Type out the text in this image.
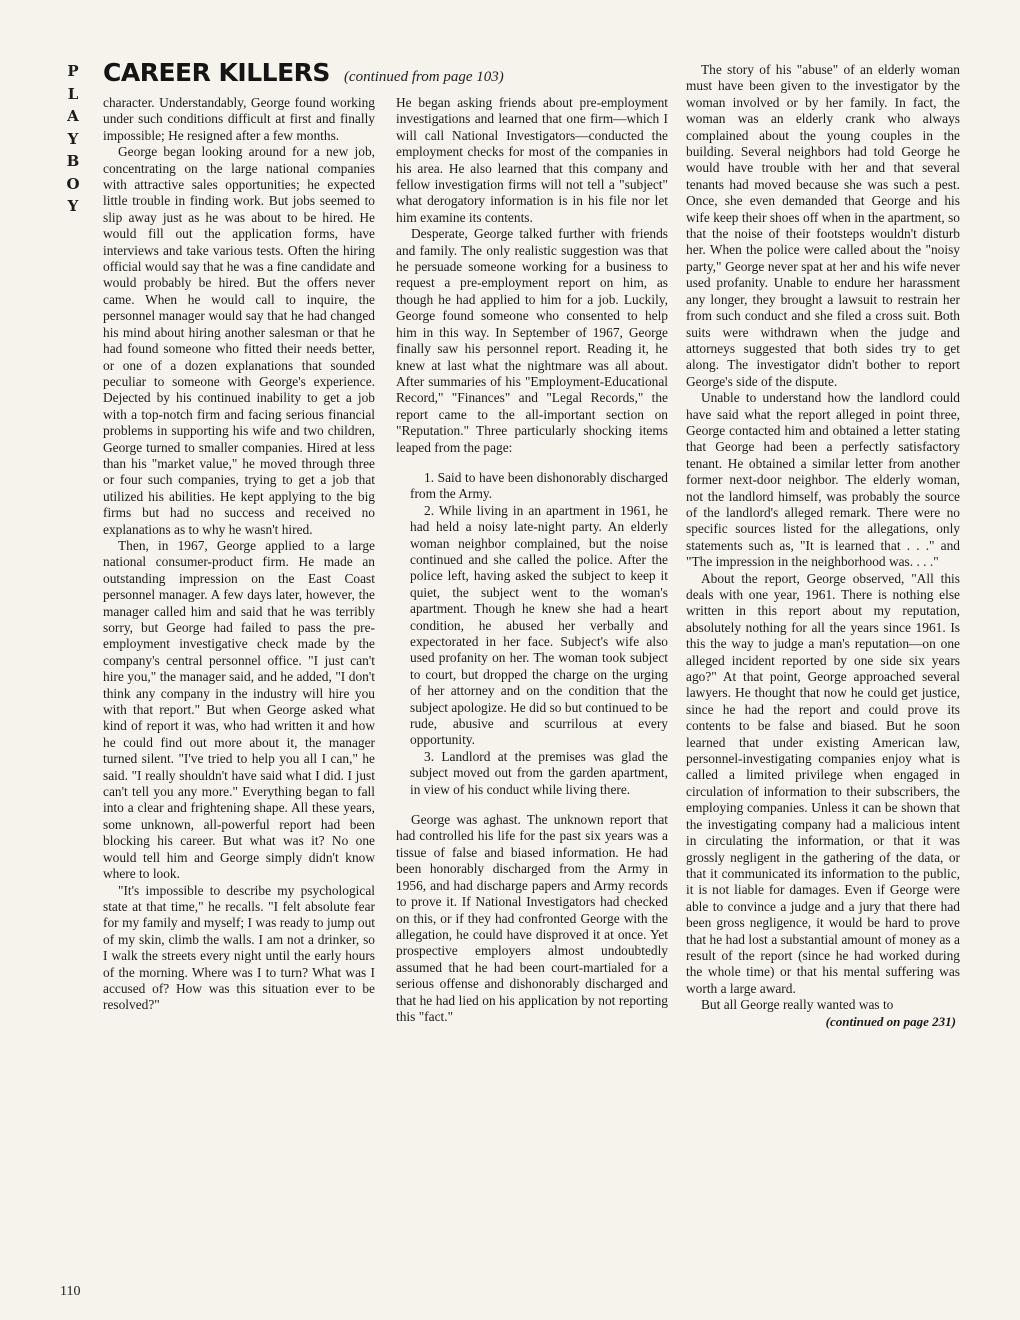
P
L
A
Y
B
O
Y
CAREER KILLERS (continued from page 103)

character. Understandably, George found working under such conditions difficult at first and finally impossible; He resigned after a few months.

George began looking around for a new job, concentrating on the large national companies with attractive sales opportunities; he expected little trouble in finding work. But jobs seemed to slip away just as he was about to be hired. He would fill out the application forms, have interviews and take various tests. Often the hiring official would say that he was a fine candidate and would probably be hired. But the offers never came. When he would call to inquire, the personnel manager would say that he had changed his mind about hiring another salesman or that he had found someone who fitted their needs better, or one of a dozen explanations that sounded peculiar to someone with George's experience. Dejected by his continued inability to get a job with a top-notch firm and facing serious financial problems in supporting his wife and two children, George turned to smaller companies. Hired at less than his "market value," he moved through three or four such companies, trying to get a job that utilized his abilities. He kept applying to the big firms but had no success and received no explanations as to why he wasn't hired.

Then, in 1967, George applied to a large national consumer-product firm. He made an outstanding impression on the East Coast personnel manager. A few days later, however, the manager called him and said that he was terribly sorry, but George had failed to pass the pre-employment investigative check made by the company's central personnel office. "I just can't hire you," the manager said, and he added, "I don't think any company in the industry will hire you with that report." But when George asked what kind of report it was, who had written it and how he could find out more about it, the manager turned silent. "I've tried to help you all I can," he said. "I really shouldn't have said what I did. I just can't tell you any more." Everything began to fall into a clear and frightening shape. All these years, some unknown, all-powerful report had been blocking his career. But what was it? No one would tell him and George simply didn't know where to look.

"It's impossible to describe my psychological state at that time," he recalls. "I felt absolute fear for my family and myself; I was ready to jump out of my skin, climb the walls. I am not a drinker, so I walk the streets every night until the early hours of the morning. Where was I to turn? What was I accused of? How was this situation ever to be resolved?"

He began asking friends about pre-employment investigations and learned that one firm—which I will call National Investigators—conducted the employment checks for most of the companies in his area. He also learned that this company and fellow investigation firms will not tell a "subject" what derogatory information is in his file nor let him examine its contents.

Desperate, George talked further with friends and family. The only realistic suggestion was that he persuade someone working for a business to request a pre-employment report on him, as though he had applied to him for a job. Luckily, George found someone who consented to help him in this way. In September of 1967, George finally saw his personnel report. Reading it, he knew at last what the nightmare was all about. After summaries of his "Employment-Educational Record," "Finances" and "Legal Records," the report came to the all-important section on "Reputation." Three particularly shocking items leaped from the page:

1. Said to have been dishonorably discharged from the Army.

2. While living in an apartment in 1961, he had held a noisy late-night party. An elderly woman neighbor complained, but the noise continued and she called the police. After the police left, having asked the subject to keep it quiet, the subject went to the woman's apartment. Though he knew she had a heart condition, he abused her verbally and expectorated in her face. Subject's wife also used profanity on her. The woman took subject to court, but dropped the charge on the urging of her attorney and on the condition that the subject apologize. He did so but continued to be rude, abusive and scurrilous at every opportunity.

3. Landlord at the premises was glad the subject moved out from the garden apartment, in view of his conduct while living there.

George was aghast. The unknown report that had controlled his life for the past six years was a tissue of false and biased information. He had been honorably discharged from the Army in 1956, and had discharge papers and Army records to prove it. If National Investigators had checked on this, or if they had confronted George with the allegation, he could have disproved it at once. Yet prospective employers almost undoubtedly assumed that he had been court-martialed for a serious offense and dishonorably discharged and that he had lied on his application by not reporting this "fact."

The story of his "abuse" of an elderly woman must have been given to the investigator by the woman involved or by her family. In fact, the woman was an elderly crank who always complained about the young couples in the building. Several neighbors had told George he would have trouble with her and that several tenants had moved because she was such a pest. Once, she even demanded that George and his wife keep their shoes off when in the apartment, so that the noise of their footsteps wouldn't disturb her. When the police were called about the "noisy party," George never spat at her and his wife never used profanity. Unable to endure her harassment any longer, they brought a lawsuit to restrain her from such conduct and she filed a cross suit. Both suits were withdrawn when the judge and attorneys suggested that both sides try to get along. The investigator didn't bother to report George's side of the dispute.

Unable to understand how the landlord could have said what the report alleged in point three, George contacted him and obtained a letter stating that George had been a perfectly satisfactory tenant. He obtained a similar letter from another former next-door neighbor. The elderly woman, not the landlord himself, was probably the source of the landlord's alleged remark. There were no specific sources listed for the allegations, only statements such as, "It is learned that . . ." and "The impression in the neighborhood was. . . ."

About the report, George observed, "All this deals with one year, 1961. There is nothing else written in this report about my reputation, absolutely nothing for all the years since 1961. Is this the way to judge a man's reputation—on one alleged incident reported by one side six years ago?" At that point, George approached several lawyers. He thought that now he could get justice, since he had the report and could prove its contents to be false and biased. But he soon learned that under existing American law, personnel-investigating companies enjoy what is called a limited privilege when engaged in circulation of information to their subscribers, the employing companies. Unless it can be shown that the investigating company had a malicious intent in circulating the information, or that it was grossly negligent in the gathering of the data, or that it communicated its information to the public, it is not liable for damages. Even if George were able to convince a judge and a jury that there had been gross negligence, it would be hard to prove that he had lost a substantial amount of money as a result of the report (since he had worked during the whole time) or that his mental suffering was worth a large award.

But all George really wanted was to

(continued on page 231)

110
